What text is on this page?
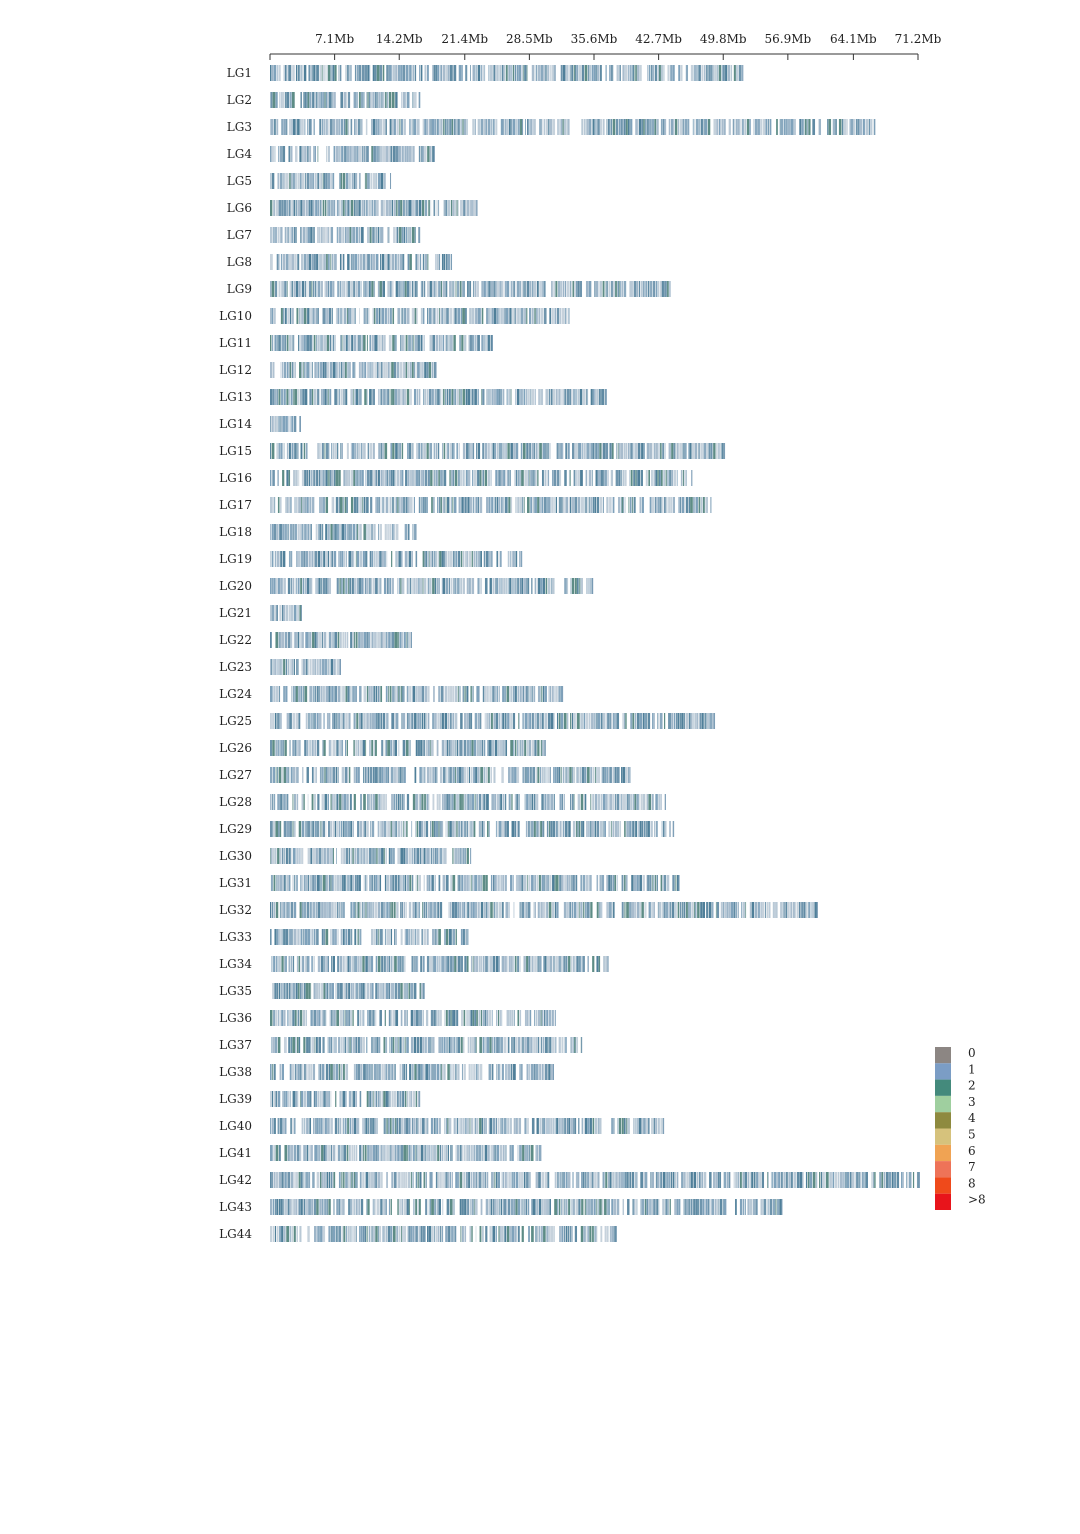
7.1Mb 14.2Mb 21.4Mb 28.5Mb 35.6Mb 42.7Mb 49.8Mb 56.9Mb 64.1Mb 71.2Mb
LG1
LG2
LG3
LG4
LG5
LG6
LG7
LG8
LG9
LG10
LG11
LG12
LG13
LG14
LG15
LG16
LG17
LG18
LG19
LG20
LG21
LG22
LG23
LG24
LG25
LG26
LG27
LG28
LG29
LG30
LG31
LG32
LG33
LG34
LG35
LG36
LG37
LG38
LG39
LG40
LG41
LG42
LG43
LG44
0
1
2
3
4
5
6
7
8
>8
